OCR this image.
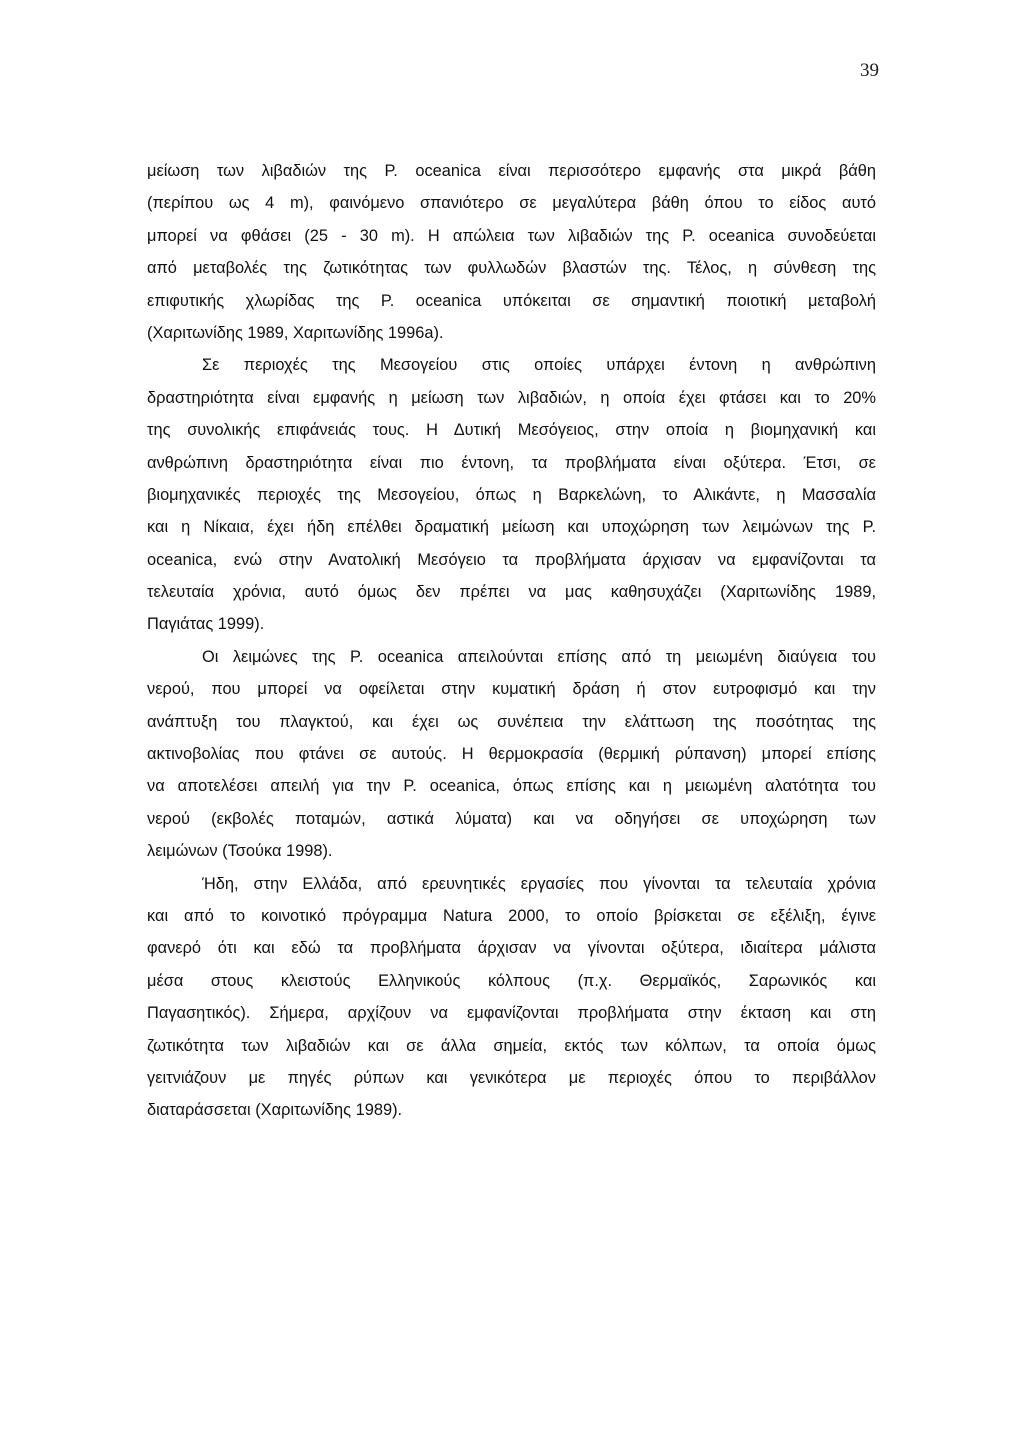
39
μείωση των λιβαδιών της P. oceanica είναι περισσότερο εμφανής στα μικρά βάθη
(περίπου ως 4 m), φαινόμενο σπανιότερο σε μεγαλύτερα βάθη όπου το είδος αυτό
μπορεί να φθάσει (25 - 30 m). Η απώλεια των λιβαδιών της P. oceanica συνοδεύεται
από μεταβολές της ζωτικότητας των φυλλωδών βλαστών της. Τέλος, η σύνθεση της
επιφυτικής χλωρίδας της P. oceanica υπόκειται σε σημαντική ποιοτική μεταβολή
(Χαριτωνίδης 1989, Χαριτωνίδης 1996a).
Σε περιοχές της Μεσογείου στις οποίες υπάρχει έντονη η ανθρώπινη
δραστηριότητα είναι εμφανής η μείωση των λιβαδιών, η οποία έχει φτάσει και το 20%
της συνολικής επιφάνειάς τους. Η Δυτική Μεσόγειος, στην οποία η βιομηχανική και
ανθρώπινη δραστηριότητα είναι πιο έντονη, τα προβλήματα είναι οξύτερα. Έτσι, σε
βιομηχανικές περιοχές της Μεσογείου, όπως η Βαρκελώνη, το Αλικάντε, η Μασσαλία
και η Νίκαια, έχει ήδη επέλθει δραματική μείωση και υποχώρηση των λειμώνων της P.
oceanica, ενώ στην Ανατολική Μεσόγειο τα προβλήματα άρχισαν να εμφανίζονται τα
τελευταία χρόνια, αυτό όμως δεν πρέπει να μας καθησυχάζει (Χαριτωνίδης 1989,
Παγιάτας 1999).
Οι λειμώνες της P. oceanica απειλούνται επίσης από τη μειωμένη διαύγεια του
νερού, που μπορεί να οφείλεται στην κυματική δράση ή στον ευτροφισμό και την
ανάπτυξη του πλαγκτού, και έχει ως συνέπεια την ελάττωση της ποσότητας της
ακτινοβολίας που φτάνει σε αυτούς. Η θερμοκρασία (θερμική ρύπανση) μπορεί επίσης
να αποτελέσει απειλή για την P. oceanica, όπως επίσης και η μειωμένη αλατότητα του
νερού (εκβολές ποταμών, αστικά λύματα) και να οδηγήσει σε υποχώρηση των
λειμώνων (Τσούκα 1998).
Ήδη, στην Ελλάδα, από ερευνητικές εργασίες που γίνονται τα τελευταία χρόνια
και από το κοινοτικό πρόγραμμα Natura 2000, το οποίο βρίσκεται σε εξέλιξη, έγινε
φανερό ότι και εδώ τα προβλήματα άρχισαν να γίνονται οξύτερα, ιδιαίτερα μάλιστα
μέσα στους κλειστούς Ελληνικούς κόλπους (π.χ. Θερμαϊκός, Σαρωνικός και
Παγασητικός). Σήμερα, αρχίζουν να εμφανίζονται προβλήματα στην έκταση και στη
ζωτικότητα των λιβαδιών και σε άλλα σημεία, εκτός των κόλπων, τα οποία όμως
γειτνιάζουν με πηγές ρύπων και γενικότερα με περιοχές όπου το περιβάλλον
διαταράσσεται (Χαριτωνίδης 1989).
